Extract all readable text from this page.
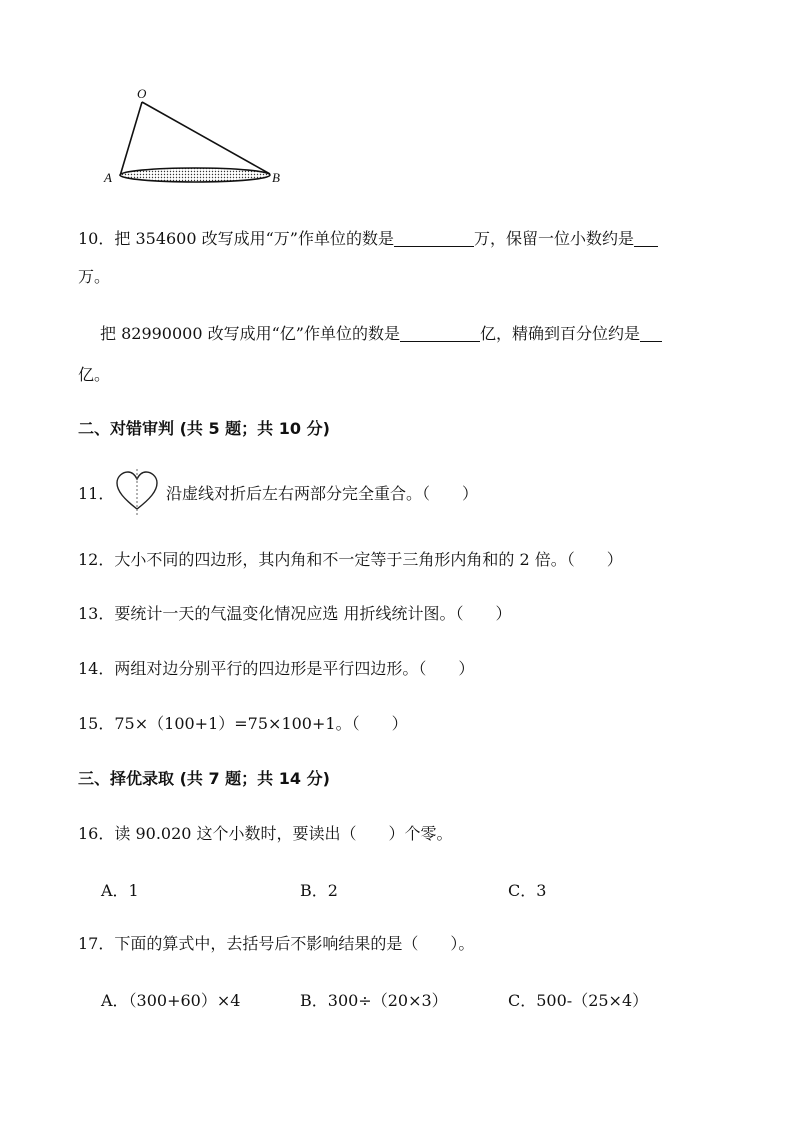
O
A	B
10．把 354600 改写成用“万”作单位的数是	万，保留一位小数约是
万。
把 82990000 改写成用“亿”作单位的数是	亿，精确到百分位约是
亿。
二、对错审判 (共 5 题；共 10 分)
11．	沿虚线对折后左右两部分完全重合。（　　）
12．大小不同的四边形，其内角和不一定等于三角形内角和的 2 倍。（　　）
13．要统计一天的气温变化情况应选 用折线统计图。（　　）
14．两组对边分别平行的四边形是平行四边形。（　　）
15．75×（100+1）=75×100+1。（　　）
三、择优录取 (共 7 题；共 14 分)
16．读 90.020 这个小数时，要读出（　　）个零。
A．1	B．2	C．3
17．下面的算式中，去括号后不影响结果的是（　　）。
A．（300+60）×4	B．300÷（20×3）	C．500-（25×4）
